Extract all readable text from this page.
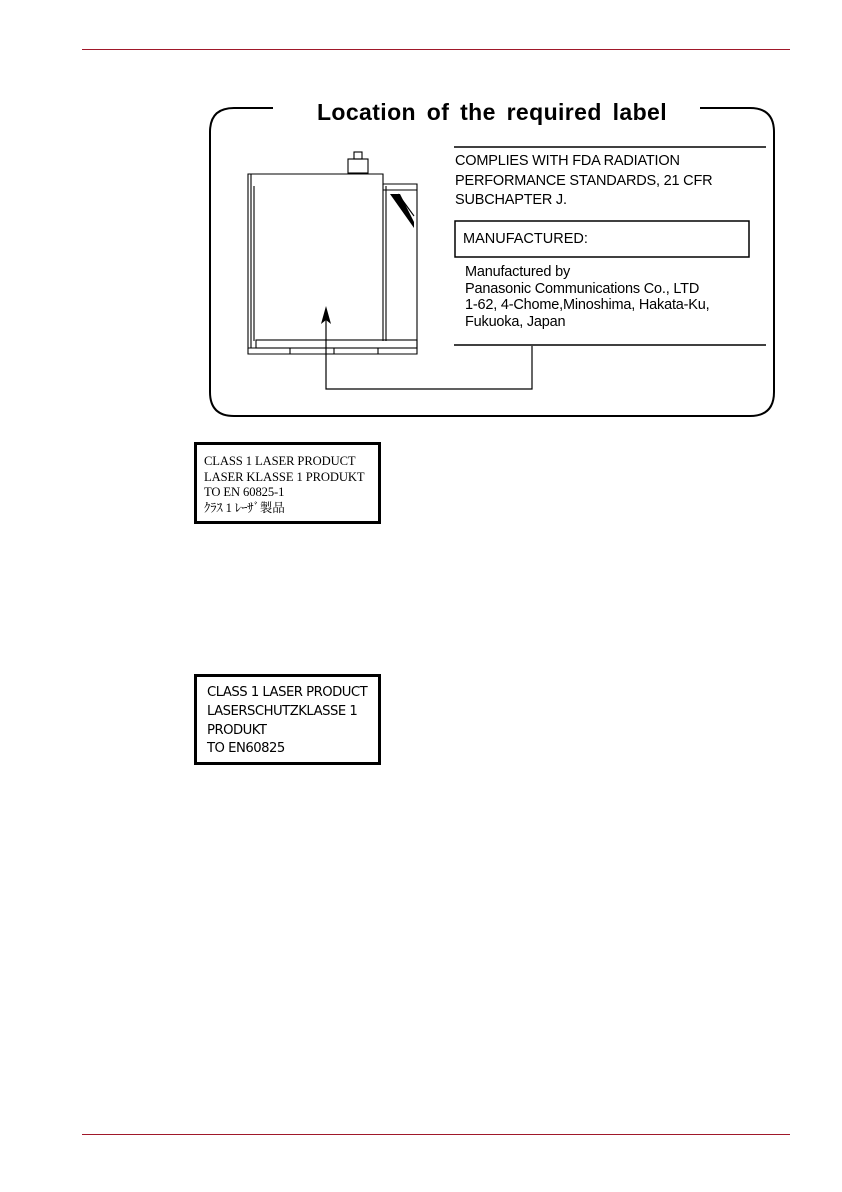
Location of the required label
COMPLIES WITH FDA RADIATION
PERFORMANCE STANDARDS, 21 CFR
SUBCHAPTER J.
MANUFACTURED:
Manufactured by
Panasonic Communications Co., LTD
1-62, 4-Chome,Minoshima, Hakata-Ku,
Fukuoka, Japan
CLASS 1 LASER PRODUCT
LASER KLASSE 1 PRODUKT
TO EN 60825-1
ｸﾗｽ 1 ﾚｰｻﾞ製品
CLASS 1 LASER PRODUCT
LASERSCHUTZKLASSE 1
PRODUKT
TO EN60825
